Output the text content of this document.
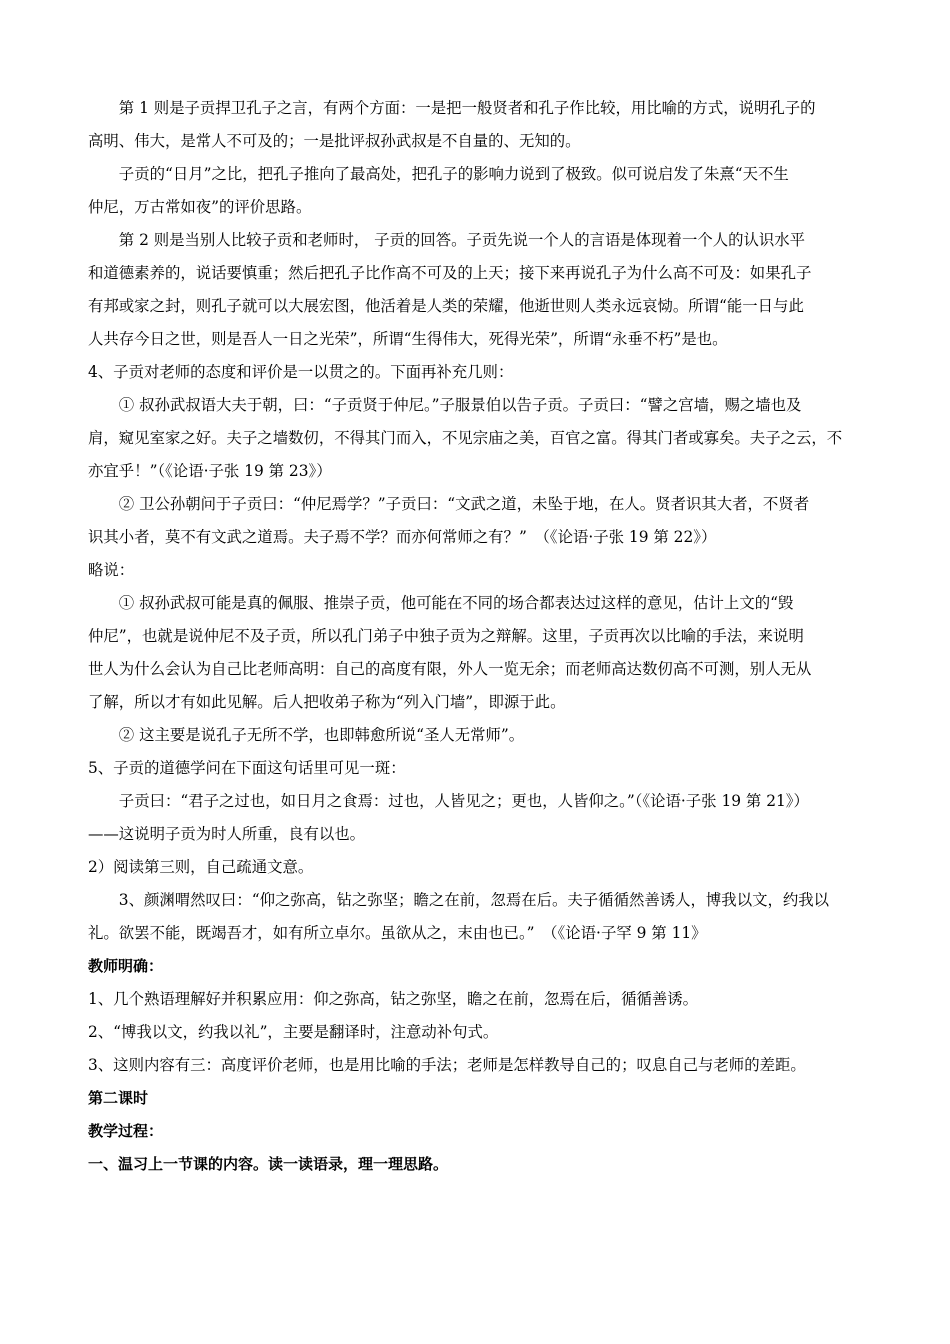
第 1 则是子贡捍卫孔子之言，有两个方面：一是把一般贤者和孔子作比较，用比喻的方式，说明孔子的
高明、伟大，是常人不可及的；一是批评叔孙武叔是不自量的、无知的。

子贡的“日月”之比，把孔子推向了最高处，把孔子的影响力说到了极致。似可说启发了朱熹“天不生
仲尼，万古常如夜”的评价思路。

第 2 则是当别人比较子贡和老师时， 子贡的回答。子贡先说一个人的言语是体现着一个人的认识水平
和道德素养的，说话要慎重；然后把孔子比作高不可及的上天；接下来再说孔子为什么高不可及：如果孔子
有邦或家之封，则孔子就可以大展宏图，他活着是人类的荣耀，他逝世则人类永远哀恸。所谓“能一日与此
人共存今日之世，则是吾人一日之光荣”，所谓“生得伟大，死得光荣”，所谓“永垂不朽”是也。

4、子贡对老师的态度和评价是一以贯之的。下面再补充几则：

① 叔孙武叔语大夫于朝，曰：“子贡贤于仲尼。”子服景伯以告子贡。子贡曰：“譬之宫墙，赐之墙也及
肩，窥见室家之好。夫子之墙数仞，不得其门而入，不见宗庙之美，百官之富。得其门者或寡矣。夫子之云，不
亦宜乎！”（《论语·子张 19 第 23》）

② 卫公孙朝问于子贡曰：“仲尼焉学？”子贡曰：“文武之道，未坠于地，在人。贤者识其大者，不贤者
识其小者，莫不有文武之道焉。夫子焉不学？而亦何常师之有？”　（《论语·子张 19 第 22》）

略说：

① 叔孙武叔可能是真的佩服、推崇子贡，他可能在不同的场合都表达过这样的意见，估计上文的“毁
仲尼”，也就是说仲尼不及子贡，所以孔门弟子中独子贡为之辩解。这里，子贡再次以比喻的手法，来说明
世人为什么会认为自己比老师高明：自己的高度有限，外人一览无余；而老师高达数仞高不可测，别人无从
了解，所以才有如此见解。后人把收弟子称为“列入门墙”，即源于此。

② 这主要是说孔子无所不学，也即韩愈所说“圣人无常师”。

5、子贡的道德学问在下面这句话里可见一斑：

子贡曰：“君子之过也，如日月之食焉：过也，人皆见之；更也，人皆仰之。”（《论语·子张 19 第 21》）

——这说明子贡为时人所重，良有以也。

2）阅读第三则，自己疏通文意。

3、颜渊喟然叹曰：“仰之弥高，钻之弥坚；瞻之在前，忽焉在后。夫子循循然善诱人，博我以文，约我以
礼。欲罢不能，既竭吾才，如有所立卓尔。虽欲从之，末由也已。”　（《论语·子罕 9 第 11》

教师明确：

1、几个熟语理解好并积累应用：仰之弥高，钻之弥坚，瞻之在前，忽焉在后，循循善诱。

2、“博我以文，约我以礼”，主要是翻译时，注意动补句式。

3、这则内容有三：高度评价老师，也是用比喻的手法；老师是怎样教导自己的；叹息自己与老师的差距。

第二课时

教学过程：

一、温习上一节课的内容。读一读语录，理一理思路。
